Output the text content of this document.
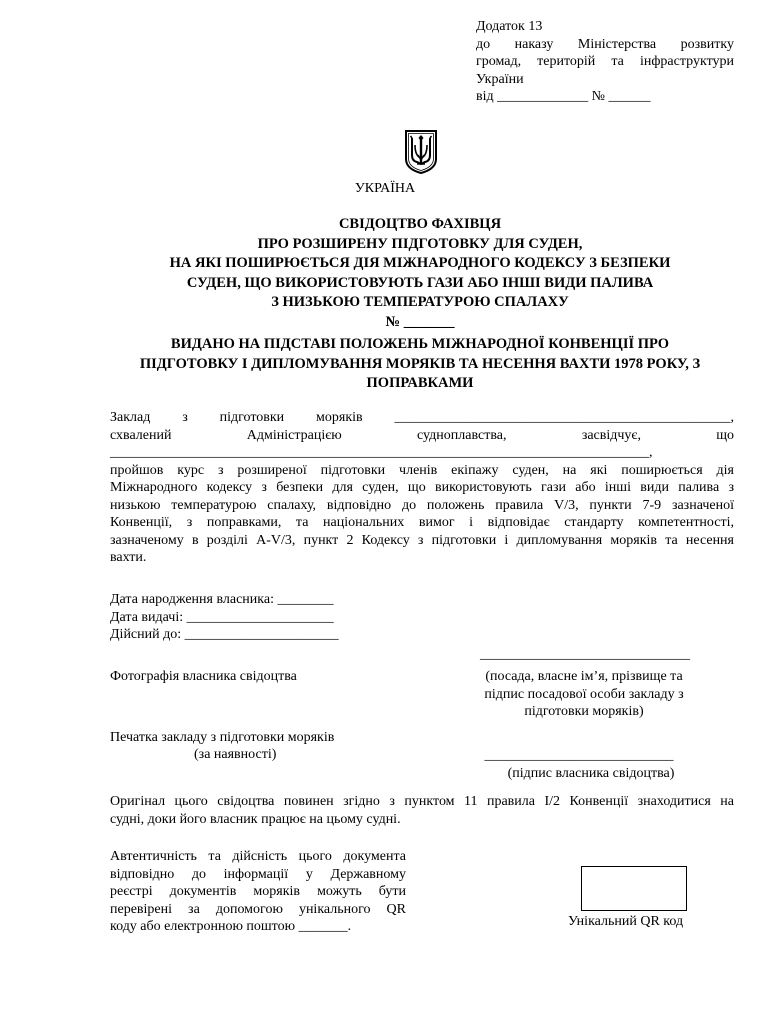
Додаток 13
до наказу Міністерства розвитку
громад, територій та інфраструктури
України
від _____________ № ______
УКРАЇНА
СВІДОЦТВО ФАХІВЦЯ
ПРО РОЗШИРЕНУ ПІДГОТОВКУ ДЛЯ СУДЕН,
НА ЯКІ ПОШИРЮЄТЬСЯ ДІЯ МІЖНАРОДНОГО КОДЕКСУ З БЕЗПЕКИ
СУДЕН, ЩО ВИКОРИСТОВУЮТЬ ГАЗИ АБО ІНШІ ВИДИ ПАЛИВА
З НИЗЬКОЮ ТЕМПЕРАТУРОЮ СПАЛАХУ
№ _______
ВИДАНО НА ПІДСТАВІ ПОЛОЖЕНЬ МІЖНАРОДНОЇ КОНВЕНЦІЇ ПРО
ПІДГОТОВКУ І ДИПЛОМУВАННЯ МОРЯКІВ ТА НЕСЕННЯ ВАХТИ 1978 РОКУ, З
ПОПРАВКАМИ
Заклад з підготовки моряків ________________________________________________,
схвалений	Адміністрацією	судноплавства,	засвідчує,	що
_____________________________________________________________________________,
пройшов курс з розширеної підготовки членів екіпажу суден, на які поширюється дія
Міжнародного кодексу з безпеки для суден, що використовують гази або інші види палива з
низькою температурою спалаху, відповідно до положень правила V/3, пункти 7-9 зазначеної
Конвенції, з поправками, та національних вимог і відповідає стандарту компетентності,
зазначеному в розділі A-V/3, пункт 2 Кодексу з підготовки і дипломування моряків та несення
вахти.
Дата народження власника: ________
Дата видачі: _____________________
Дійсний до: ______________________
______________________________
(посада, власне ім’я, прізвище та
підпис посадової особи закладу з
підготовки моряків)
Фотографія власника свідоцтва
Печатка закладу з підготовки моряків
(за наявності)	___________________________
(підпис власника свідоцтва)
Оригінал цього свідоцтва повинен згідно з пунктом 11 правила I/2 Конвенції знаходитися на
судні, доки його власник працює на цьому судні.
Автентичність та дійсність цього документа
відповідно до інформації у Державному
реєстрі документів моряків можуть бути
перевірені за допомогою унікального QR
коду або електронною поштою _______.	Унікальний QR код
